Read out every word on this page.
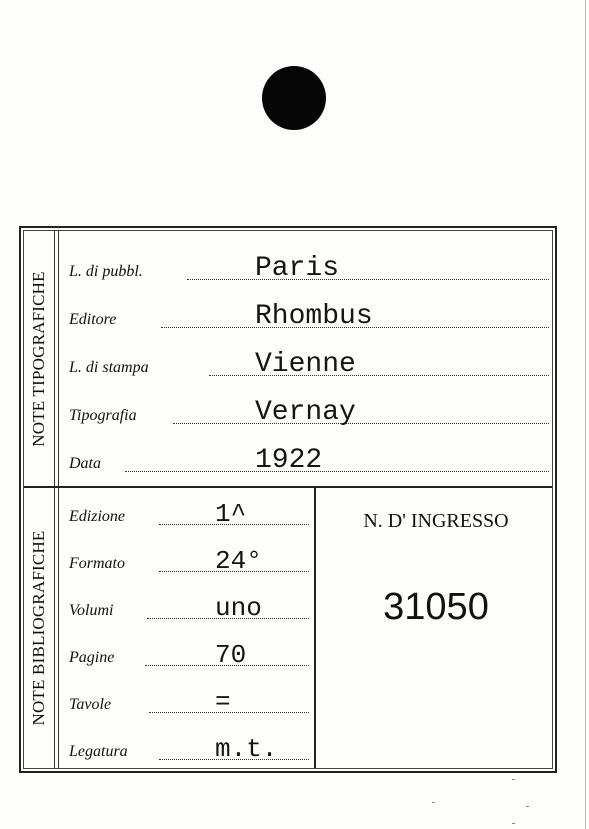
NOTE TIPOGRAFICHE L. di pubbl.	Paris
Editore	Rhombus
L. di stampa	Vienne
Tipografia	Vernay
Data	1922
NOTE BIBLIOGRAFICHE
Edizione	1^
Formato	24°
Volumi	uno
Pagine	70
Tavole	=
Legatura	m.t.
N. D' INGRESSO
31050
